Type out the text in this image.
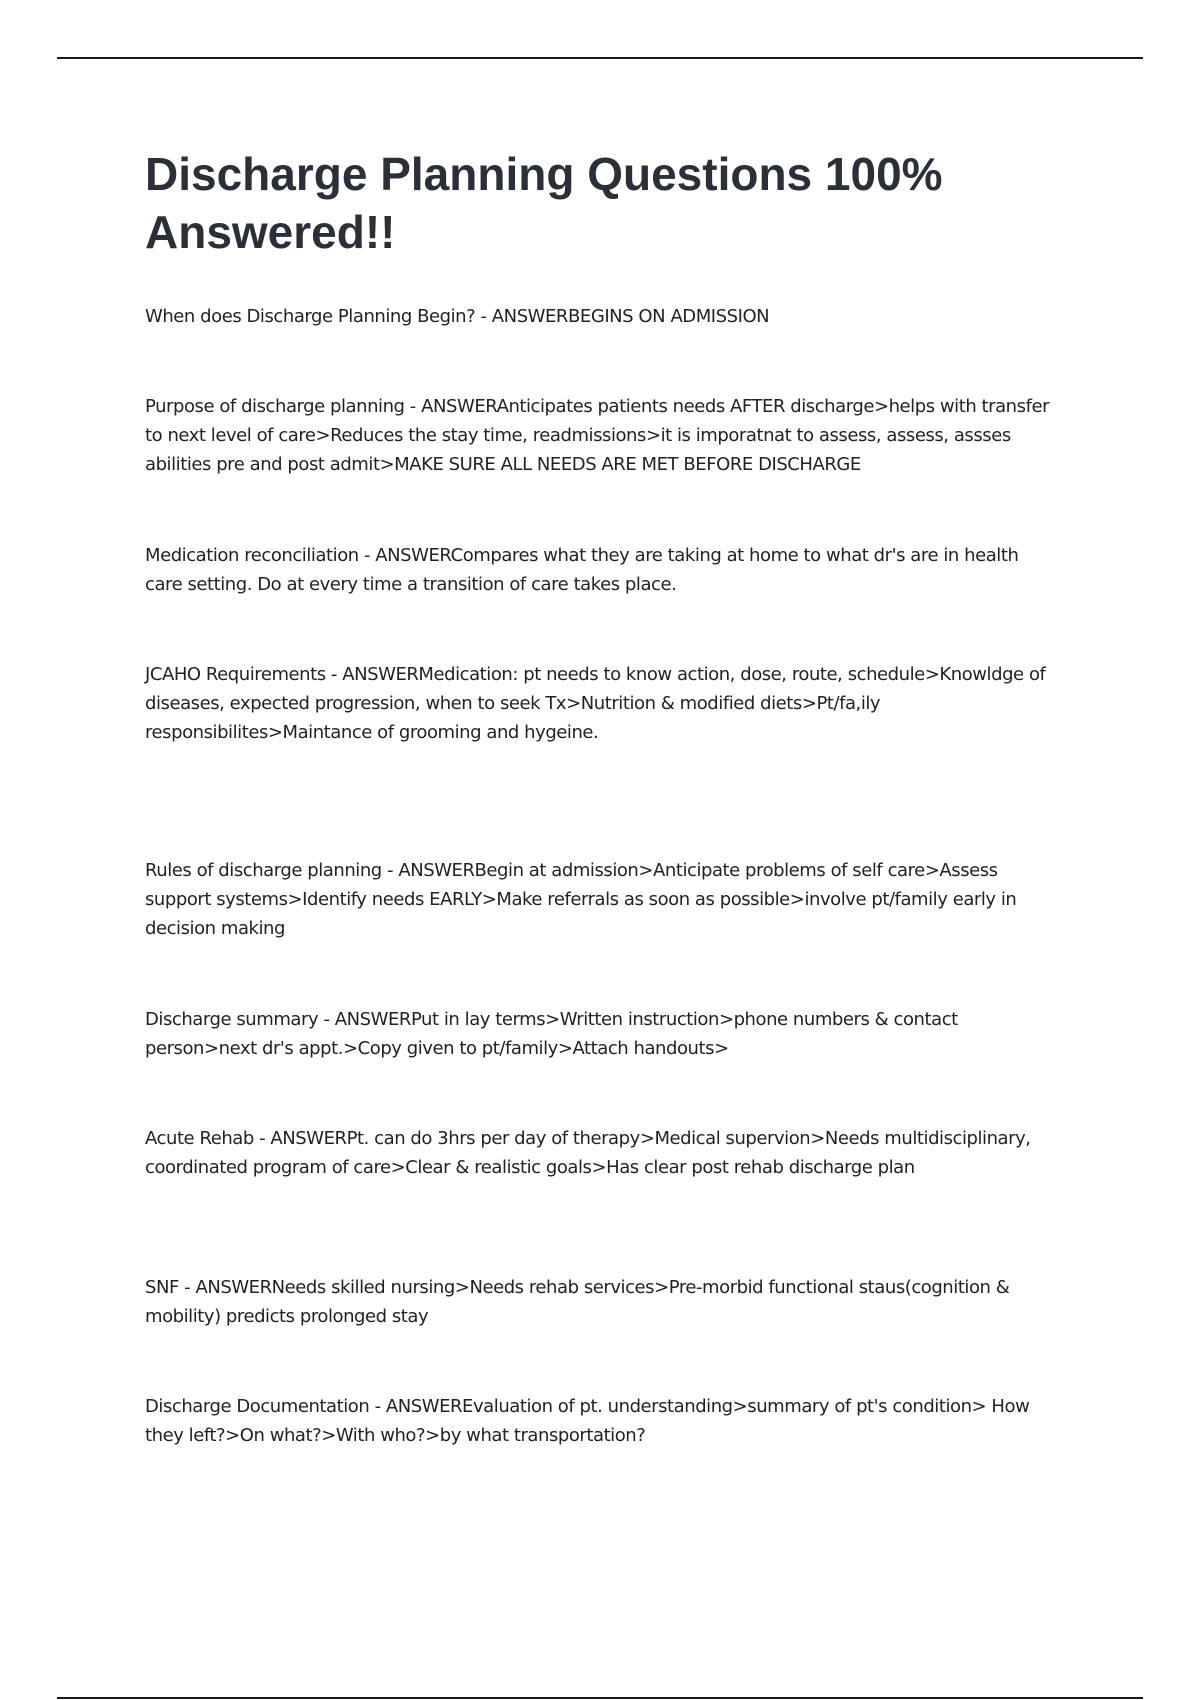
Discharge Planning Questions 100% Answered!!

When does Discharge Planning Begin? - ANSWERBEGINS ON ADMISSION

Purpose of discharge planning - ANSWERAnticipates patients needs AFTER discharge>helps with transfer to next level of care>Reduces the stay time, readmissions>it is imporatnat to assess, assess, assses abilities pre and post admit>MAKE SURE ALL NEEDS ARE MET BEFORE DISCHARGE

Medication reconciliation - ANSWERCompares what they are taking at home to what dr's are in health care setting. Do at every time a transition of care takes place.

JCAHO Requirements - ANSWERMedication: pt needs to know action, dose, route, schedule>Knowldge of diseases, expected progression, when to seek Tx>Nutrition & modified diets>Pt/fa,ily responsibilites>Maintance of grooming and hygeine.

Rules of discharge planning - ANSWERBegin at admission>Anticipate problems of self care>Assess support systems>Identify needs EARLY>Make referrals as soon as possible>involve pt/family early in decision making

Discharge summary - ANSWERPut in lay terms>Written instruction>phone numbers & contact person>next dr's appt.>Copy given to pt/family>Attach handouts>

Acute Rehab - ANSWERPt. can do 3hrs per day of therapy>Medical supervion>Needs multidisciplinary, coordinated program of care>Clear & realistic goals>Has clear post rehab discharge plan

SNF - ANSWERNeeds skilled nursing>Needs rehab services>Pre-morbid functional staus(cognition & mobility) predicts prolonged stay

Discharge Documentation - ANSWEREvaluation of pt. understanding>summary of pt's condition> How they left?>On what?>With who?>by what transportation?
